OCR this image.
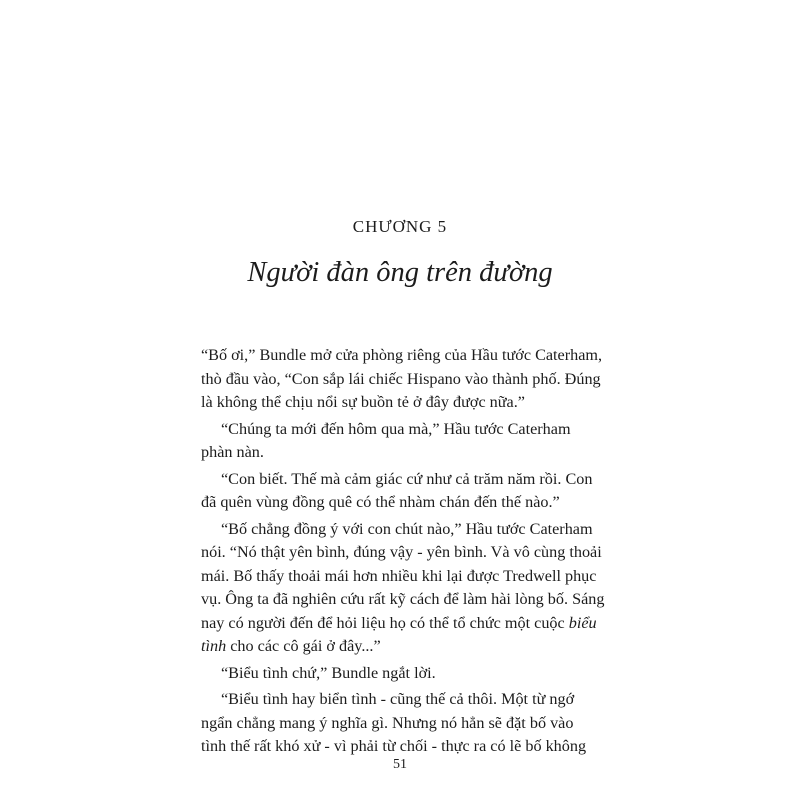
CHƯƠNG 5
Người đàn ông trên đường

“Bố ơi,” Bundle mở cửa phòng riêng của Hầu tước Caterham,
thò đầu vào, “Con sắp lái chiếc Hispano vào thành phố. Đúng
là không thể chịu nổi sự buồn tẻ ở đây được nữa.”

“Chúng ta mới đến hôm qua mà,” Hầu tước Caterham
phàn nàn.

“Con biết. Thế mà cảm giác cứ như cả trăm năm rồi. Con
đã quên vùng đồng quê có thể nhàm chán đến thế nào.”

“Bố chẳng đồng ý với con chút nào,” Hầu tước Caterham
nói. “Nó thật yên bình, đúng vậy - yên bình. Và vô cùng thoải
mái. Bố thấy thoải mái hơn nhiều khi lại được Tredwell phục
vụ. Ông ta đã nghiên cứu rất kỹ cách để làm hài lòng bố. Sáng
nay có người đến để hỏi liệu họ có thể tổ chức một cuộc biểu
tình cho các cô gái ở đây...”

“Biểu tình chứ,” Bundle ngắt lời.

“Biểu tình hay biển tình - cũng thế cả thôi. Một từ ngớ
ngẩn chẳng mang ý nghĩa gì. Nhưng nó hẳn sẽ đặt bố vào
tình thế rất khó xử - vì phải từ chối - thực ra có lẽ bố không

51
